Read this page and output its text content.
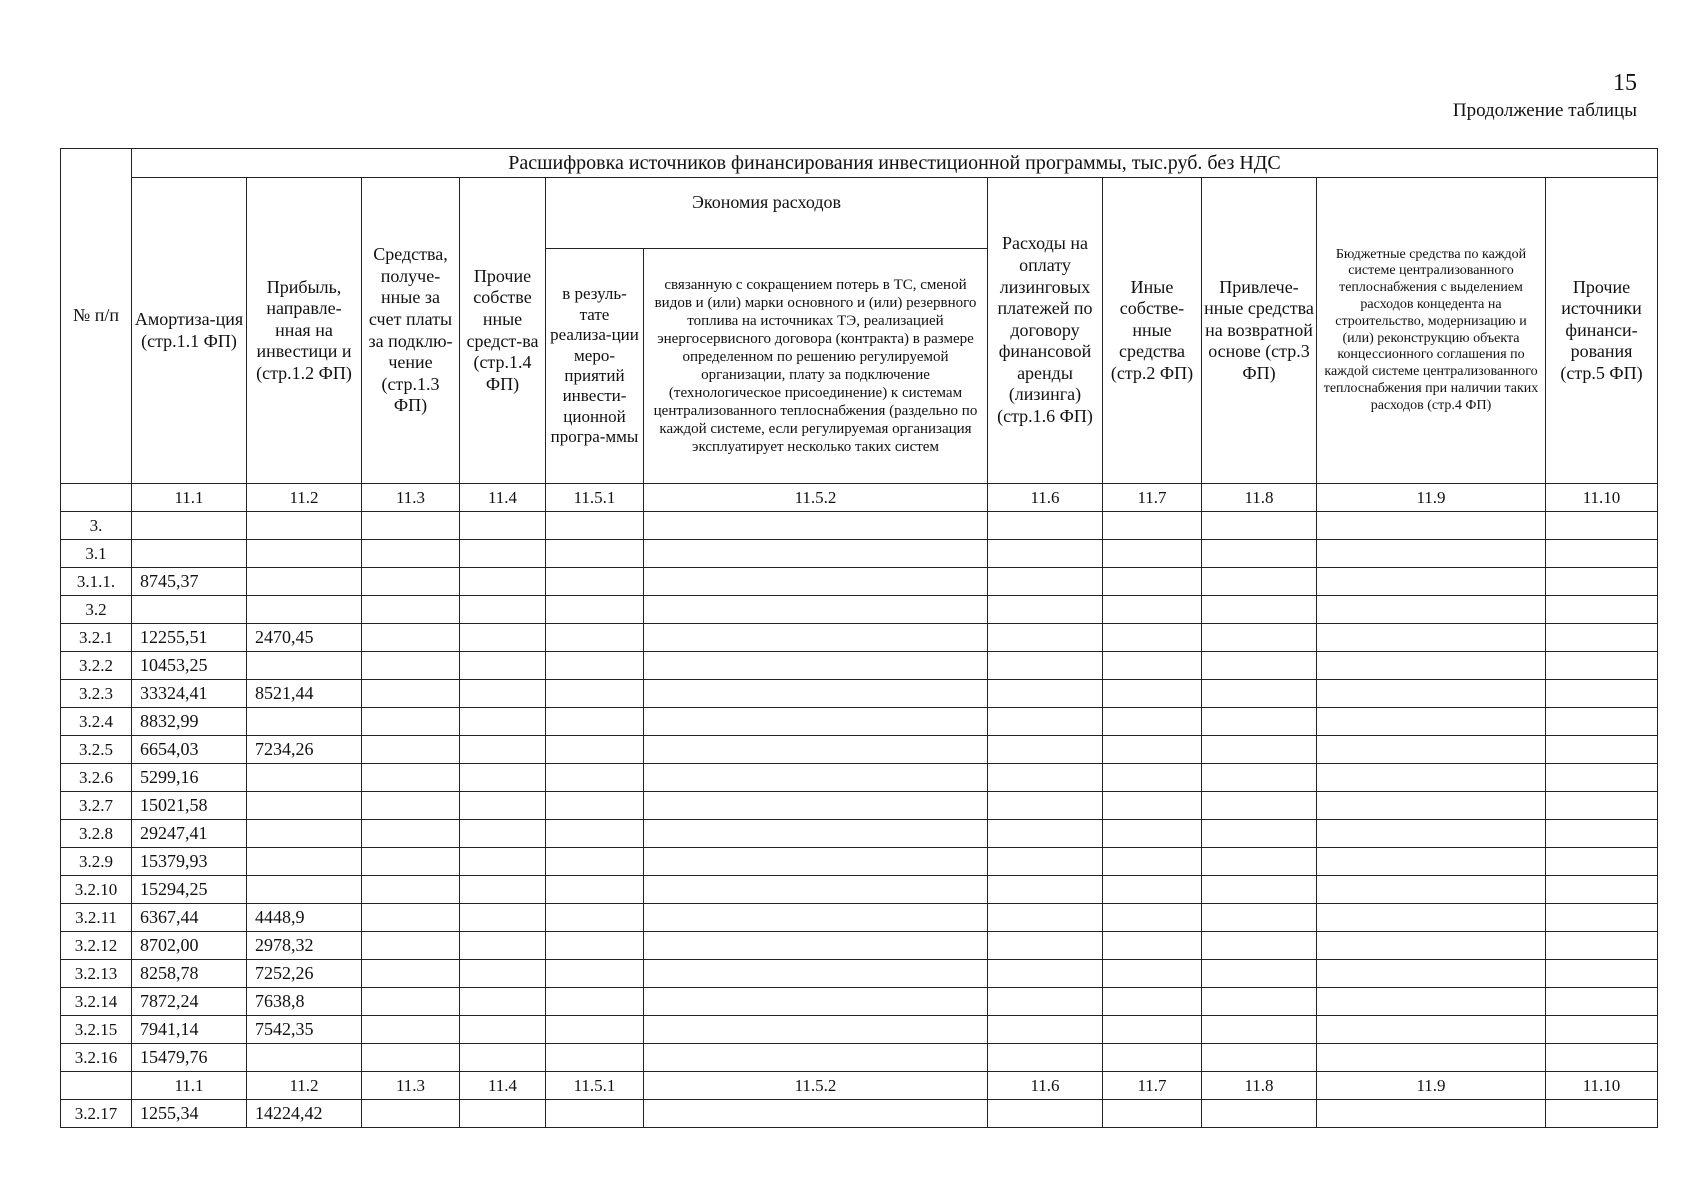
15
Продолжение таблицы
№ п/п	Расшифровка источников финансирования инвестиционной программы, тыс.руб. без НДС										
	Амортиза-ция (стр.1.1 ФП)	Прибыль, направле-нная на инвестици и (стр.1.2 ФП)	Средства, получе-нные за счет платы за подклю-чение (стр.1.3 ФП)	Прочие собстве нные средст-ва (стр.1.4 ФП)	Экономия расходов		Расходы на оплату лизинговых платежей по договору финансовой аренды (лизинга) (стр.1.6 ФП)	Иные собстве-нные средства (стр.2 ФП)	Привлече-нные средства на возвратной основе (стр.3 ФП)	Бюджетные средства по каждой системе централизованного теплоснабжения с выделением расходов концедента на строительство, модернизацию и (или) реконструкцию объекта концессионного соглашения по каждой системе централизованного теплоснабжения при наличии таких расходов (стр.4 ФП)	Прочие источники финанси-рования (стр.5 ФП)
					в резуль-тате реализа-ции меро-приятий инвести-ционной програ-ммы	связанную с сокращением потерь в ТС, сменой видов и (или) марки основного и (или) резервного топлива на источниках ТЭ, реализацией энергосервисного договора (контракта) в размере определенном по решению регулируемой организации, плату за подключение (технологическое присоединение) к системам централизованного теплоснабжения (раздельно по каждой системе, если регулируемая организация эксплуатирует несколько таких систем					
	11.1	11.2	11.3	11.4	11.5.1	11.5.2	11.6	11.7	11.8	11.9	11.10
3.											
3.1											
3.1.1.	8745,37										
3.2											
3.2.1	12255,51	2470,45									
3.2.2	10453,25										
3.2.3	33324,41	8521,44									
3.2.4	8832,99										
3.2.5	6654,03	7234,26									
3.2.6	5299,16										
3.2.7	15021,58										
3.2.8	29247,41										
3.2.9	15379,93										
3.2.10	15294,25										
3.2.11	6367,44	4448,9									
3.2.12	8702,00	2978,32									
3.2.13	8258,78	7252,26									
3.2.14	7872,24	7638,8									
3.2.15	7941,14	7542,35									
3.2.16	15479,76										
	11.1	11.2	11.3	11.4	11.5.1	11.5.2	11.6	11.7	11.8	11.9	11.10
3.2.17	1255,34	14224,42									
